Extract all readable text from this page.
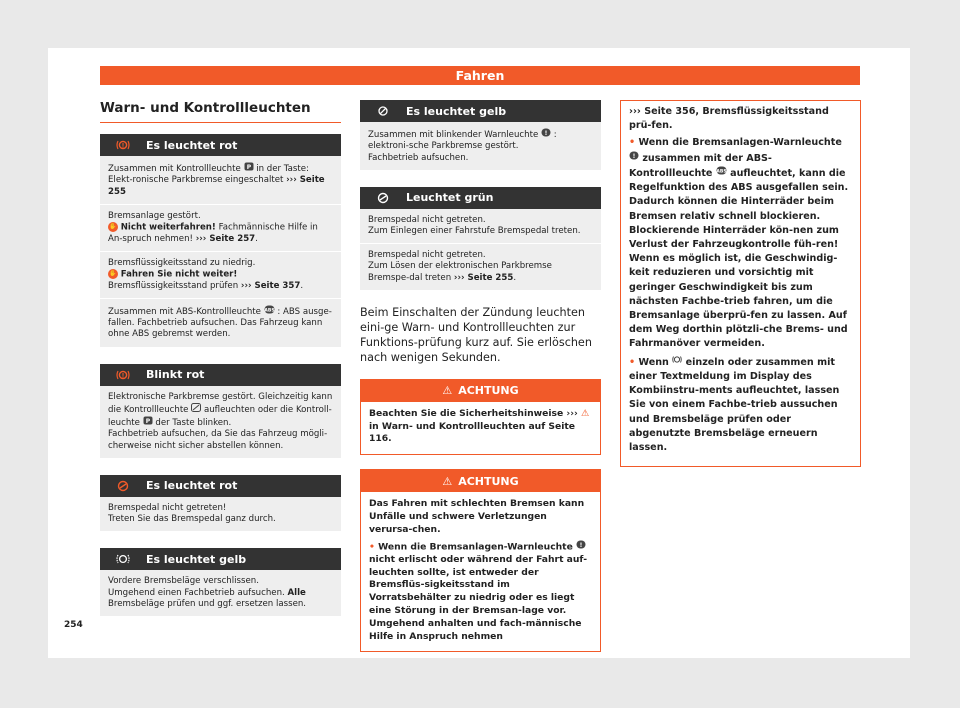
Fahren
Warn- und Kontrollleuchten
! Es leuchtet rot
Zusammen mit Kontrollleuchte P in der Taste: Elekt-ronische Parkbremse eingeschaltet ››› Seite 255
Bremsanlage gestört.
✋ Nicht weiterfahren! Fachmännische Hilfe in An-spruch nehmen! ››› Seite 257.
Bremsflüssigkeitsstand zu niedrig.
✋ Fahren Sie nicht weiter! Bremsflüssigkeitsstand prüfen ››› Seite 357.
Zusammen mit ABS-Kontrollleuchte ABS : ABS ausge-fallen. Fachbetrieb aufsuchen. Das Fahrzeug kann ohne ABS gebremst werden.
! Blinkt rot
Elektronische Parkbremse gestört. Gleichzeitig kann die Kontrollleuchte aufleuchten oder die Kontroll-leuchte P der Taste blinken.
Fachbetrieb aufsuchen, da Sie das Fahrzeug mögli-cherweise nicht sicher abstellen können.
Es leuchtet rot
Bremspedal nicht getreten!
Treten Sie das Bremspedal ganz durch.
Es leuchtet gelb
Vordere Bremsbeläge verschlissen.
Umgehend einen Fachbetrieb aufsuchen. Alle Bremsbeläge prüfen und ggf. ersetzen lassen.
Es leuchtet gelb
Zusammen mit blinkender Warnleuchte ! : elektroni-sche Parkbremse gestört.
Fachbetrieb aufsuchen.
Leuchtet grün
Bremspedal nicht getreten.
Zum Einlegen einer Fahrstufe Bremspedal treten.
Bremspedal nicht getreten.
Zum Lösen der elektronischen Parkbremse Bremspe-dal treten ››› Seite 255.
Beim Einschalten der Zündung leuchten eini-ge Warn- und Kontrollleuchten zur Funktions-prüfung kurz auf. Sie erlöschen nach wenigen Sekunden.
⚠ ACHTUNG
Beachten Sie die Sicherheitshinweise ››› ⚠
in Warn- und Kontrollleuchten auf Seite 116.
⚠ ACHTUNG
Das Fahren mit schlechten Bremsen kann Unfälle und schwere Verletzungen verursa-chen.
• Wenn die Bremsanlagen-Warnleuchte !
nicht erlischt oder während der Fahrt auf-leuchten sollte, ist entweder der Bremsflüs-sigkeitsstand im Vorratsbehälter zu niedrig oder es liegt eine Störung in der Bremsan-lage vor. Umgehend anhalten und fach-männische Hilfe in Anspruch nehmen

››› Seite 356, Bremsflüssigkeitsstand prü-fen.

• Wenn die Bremsanlagen-Warnleuchte
! zusammen mit der ABS-Kontrollleuchte ABS aufleuchtet, kann die Regelfunktion des ABS ausgefallen sein. Dadurch können die Hinterräder beim Bremsen relativ schnell blockieren. Blockierende Hinterräder kön-nen zum Verlust der Fahrzeugkontrolle füh-ren! Wenn es möglich ist, die Geschwindig-keit reduzieren und vorsichtig mit geringer Geschwindigkeit bis zum nächsten Fachbe-trieb fahren, um die Bremsanlage überprü-fen zu lassen. Auf dem Weg dorthin plötzli-che Brems- und Fahrmanöver vermeiden.

• Wenn einzeln oder zusammen mit einer Textmeldung im Display des Kombiinstru-ments aufleuchtet, lassen Sie von einem Fachbe-trieb aussuchen und Bremsbeläge prüfen oder abgenutzte Bremsbeläge erneuern lassen.

254
